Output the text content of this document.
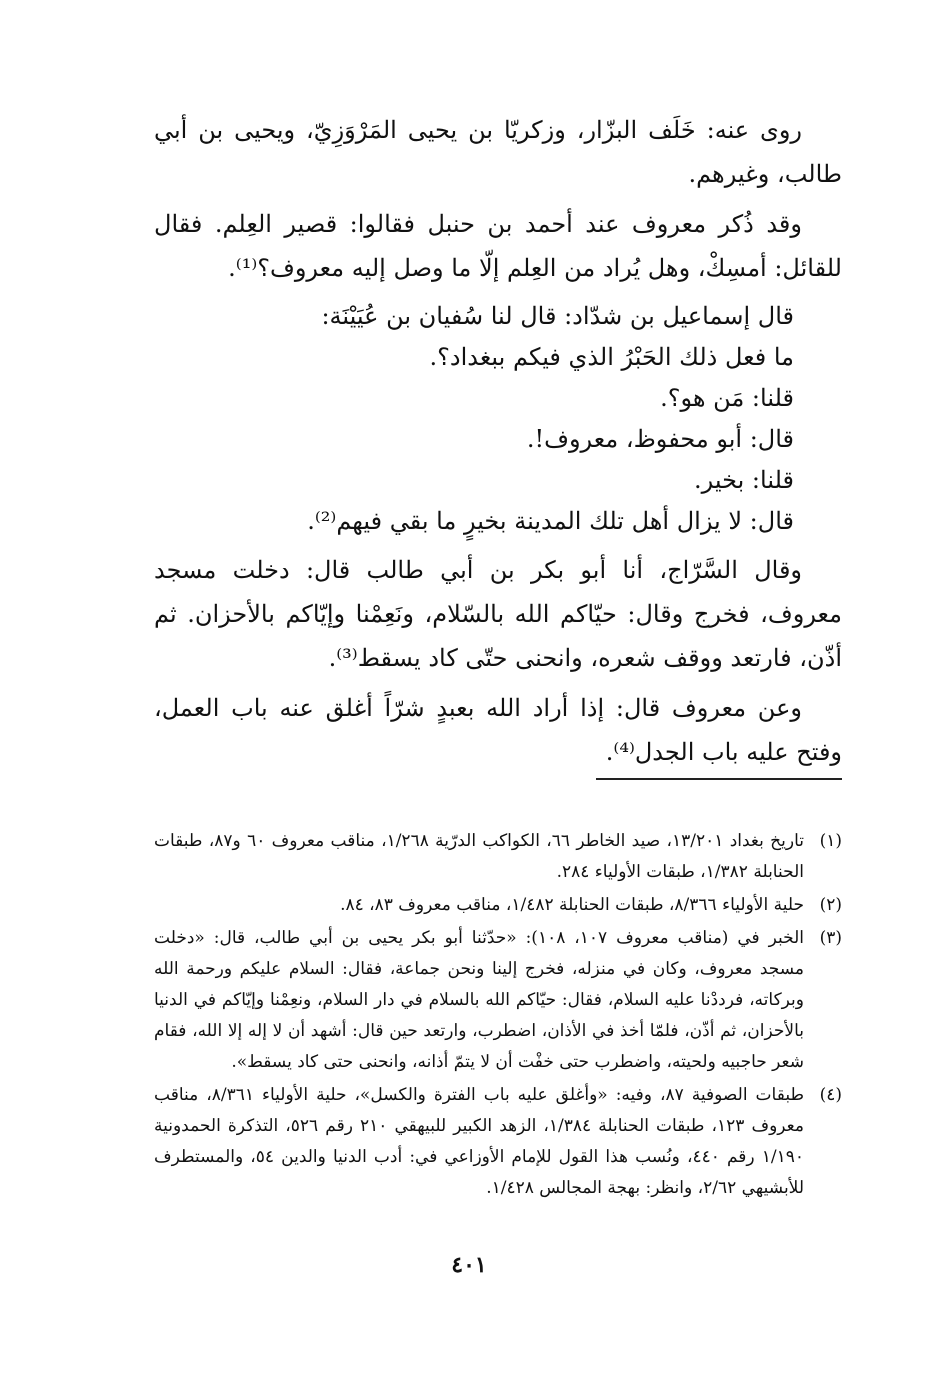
روى عنه: خَلَف البزّار، وزكريّا بن يحيى المَرْوَزِيّ، ويحيى بن أبي طالب، وغيرهم.

وقد ذُكر معروف عند أحمد بن حنبل فقالوا: قصير العِلم. فقال للقائل: أمسِكْ، وهل يُراد من العِلم إلّا ما وصل إليه معروف؟⁽¹⁾.

قال إسماعيل بن شدّاد: قال لنا سُفيان بن عُيَيْنَة:

ما فعل ذلك الحَبْرُ الذي فيكم ببغداد؟.

قلنا: مَن هو؟.

قال: أبو محفوظ، معروف!.

قلنا: بخير.

قال: لا يزال أهل تلك المدينة بخيرٍ ما بقي فيهم⁽²⁾.

وقال السَّرّاج، أنا أبو بكر بن أبي طالب قال: دخلت مسجد معروف، فخرج وقال: حيّاكم الله بالسّلام، ونَعِمْنا وإيّاكم بالأحزان. ثم أذّن، فارتعد ووقف شعره، وانحنى حتّى كاد يسقط⁽³⁾.

وعن معروف قال: إذا أراد الله بعبدٍ شرّاً أغلق عنه باب العمل، وفتح عليه باب الجدل⁽⁴⁾.

(١)
تاريخ بغداد ١٣/٢٠١، صيد الخاطر ٦٦، الكواكب الدرّية ١/٢٦٨، مناقب معروف ٦٠ و٨٧، طبقات الحنابلة ١/٣٨٢، طبقات الأولياء ٢٨٤.
(٢)
حلية الأولياء ٨/٣٦٦، طبقات الحنابلة ١/٤٨٢، مناقب معروف ٨٣، ٨٤.
(٣)
الخبر في (مناقب معروف ١٠٧، ١٠٨): «حدّثنا أبو بكر يحيى بن أبي طالب، قال: «دخلت مسجد معروف، وكان في منزله، فخرج إلينا ونحن جماعة، فقال: السلام عليكم ورحمة الله وبركاته، فرددْنا عليه السلام، فقال: حيّاكم الله بالسلام في دار السلام، ونعِمْنا وإيّاكم في الدنيا بالأحزان، ثم أذّن، فلمّا أخذ في الأذان، اضطرب، وارتعد حين قال: أشهد أن لا إله إلا الله، فقام شعر حاجبيه ولحيته، واضطرب حتى خفْت أن لا يتمّ أذانه، وانحنى حتى كاد يسقط».
(٤)
طبقات الصوفية ٨٧، وفيه: «وأغلق عليه باب الفترة والكسل»، حلية الأولياء ٨/٣٦١، مناقب معروف ١٢٣، طبقات الحنابلة ١/٣٨٤، الزهد الكبير للبيهقي ٢١٠ رقم ٥٢٦، التذكرة الحمدونية ١/١٩٠ رقم ٤٤٠، ونُسب هذا القول للإمام الأوزاعي في: أدب الدنيا والدين ٥٤، والمستطرف للأبشيهي ٢/٦٢، وانظر: بهجة المجالس ١/٤٢٨.
٤٠١
